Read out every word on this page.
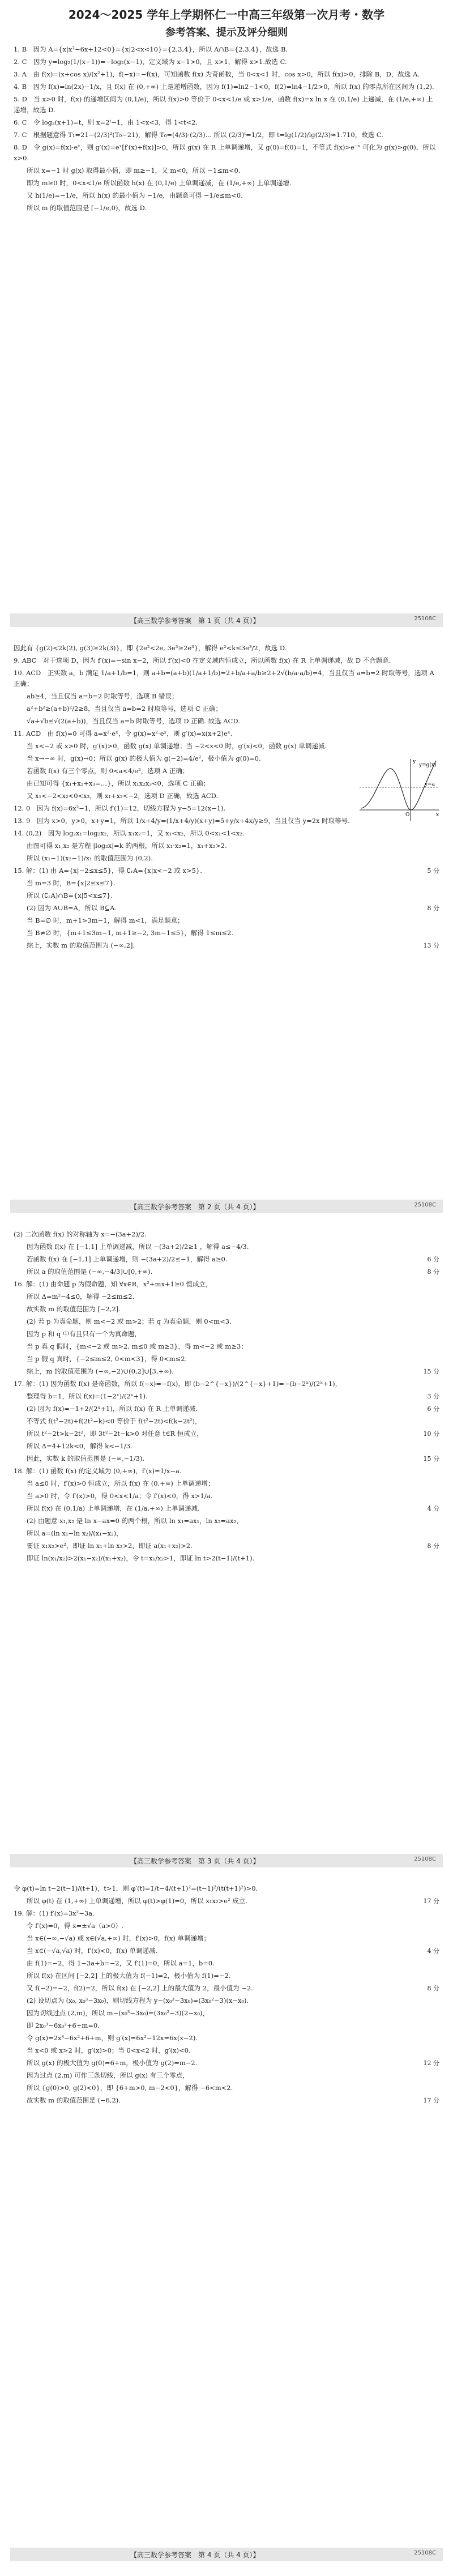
2024～2025 学年上学期怀仁一中高三年级第一次月考・数学
参考答案、提示及评分细则

1. B　因为 A={x|x²−6x+12<0}={x|2<x<10}={2,3,4}，所以 A∩B={2,3,4}，故选 B.

2. C　因为 y=log₂(1/(x−1))=−log₂(x−1)，定义域为 x−1>0，且 x>1，解得 x>1.故选 C.

3. A　由 f(x)=(x+cos x)/(x²+1)，f(−x)=−f(x)，可知函数 f(x) 为奇函数，当 0<x<1 时，cos x>0，所以 f(x)>0，排除 B，D，故选 A.

4. B　因为 f(x)=ln(2x)−1/x，且 f(x) 在 (0,+∞) 上是递增函数，因为 f(1)=ln2−1<0，f(2)=ln4−1/2>0，所以 f(x) 的零点所在区间为 (1,2).

5. D　当 x>0 时，f(x) 的递增区间为 (0,1/e)，所以 f(x)>0 等价于 0<x<1/e 或 x>1/e，函数 f(x)=x ln x 在 (0,1/e) 上递减，在 (1/e,+∞) 上递增，故选 D.

6. C　令 log₂(x+1)=t，则 x=2ᵗ−1，由 1<x<3，得 1<t<2.

7. C　根据题意得 T₁=21−(2/3)²(T₀−21)，解得 T₀=(4/3)·(2/3)... 所以 (2/3)ᵗ=1/2，即 t=lg(1/2)/lg(2/3)≈1.710，故选 C.

8. D　令 g(x)=f(x)·eˣ，则 g′(x)=eˣ[f′(x)+f(x)]>0，所以 g(x) 在 R 上单调递增，又 g(0)=f(0)=1，不等式 f(x)>e⁻ˣ 可化为 g(x)>g(0)，所以 x>0.

　　所以 x=−1 时 g(x) 取得最小值，即 m≥−1，又 m<0，所以 −1≤m<0.

　　即为 m≥0 时，0<x<1/e 所以函数 h(x) 在 (0,1/e) 上单调递减，在 (1/e,+∞) 上单调递增.

　　又 h(1/e)=−1/e，所以 h(x) 的最小值为 −1/e，由题意可得 −1/e≤m<0.

　　所以 m 的取值范围是 [−1/e,0)，故选 D.

【高三数学参考答案　第 1 页（共 4 页）】	25108C

因此有 {g(2)<2k(2), g(3)≥2k(3)}，即 {2e²<2e, 3e³≥2e³}，解得 e²<k≤3e³/2，故选 D.

9. ABC　对于选项 D，因为 f′(x)=−sin x−2，所以 f′(x)<0 在定义域内恒成立，所以函数 f(x) 在 R 上单调递减，故 D 不合题意.

10. ACD　正实数 a，b 满足 1/a+1/b=1，则 a+b=(a+b)(1/a+1/b)=2+b/a+a/b≥2+2√(b/a·a/b)=4，当且仅当 a=b=2 时取等号，选项 A 正确；

　　ab≥4，当且仅当 a=b=2 时取等号，选项 B 错误；

　　a²+b²≥(a+b)²/2≥8，当且仅当 a=b=2 时取等号，选项 C 正确；

　　√a+√b≤√(2(a+b))，当且仅当 a=b 时取等号，选项 D 正确. 故选 ACD.

11. ACD　由 f(x)=0 可得 a=x²·eˣ，令 g(x)=x²·eˣ，则 g′(x)=x(x+2)eˣ.

　　当 x<−2 或 x>0 时，g′(x)>0，函数 g(x) 单调递增；当 −2<x<0 时，g′(x)<0，函数 g(x) 单调递减.

　　当 x→−∞ 时，g(x)→0；所以 g(x) 的极大值为 g(−2)=4/e²，极小值为 g(0)=0.

　　若函数 f(x) 有三个零点，则 0<a<4/e²，选项 A 正确；

　　由已知可得 {x₁+x₂+x₃=…}，所以 x₁x₂x₃<0，选项 C 正确；

　　又 x₁<−2<x₂<0<x₃，则 x₁+x₂<−2，选项 D 正确，故选 ACD.

12. 0　因为 f(x)=6x²−1，所以 f′(1)=12，切线方程为 y−5=12(x−1).

13. 9　因为 x>0，y>0，x+y=1，所以 1/x+4/y=(1/x+4/y)(x+y)=5+y/x+4x/y≥9，当且仅当 y=2x 时取等号.

14. (0,2)　因为 log₂x₁=log₂x₂，所以 x₁x₂=1，又 x₁<x₂，所以 0<x₁<1<x₂.

　　由图可得 x₁,x₂ 是方程 |log₂x|=k 的两根，所以 x₁·x₂=1，x₁+x₂>2.

　　所以 (x₁−1)(x₂−1)/x₁ 的取值范围为 (0,2).

15. 解：(1) 由 A={x|−2≤x≤5}，得 ∁ᵣA={x|x<−2 或 x>5}.	5 分

　　当 m=3 时，B={x|2≤x≤7}.

　　所以 (∁ᵣA)∩B={x|5<x≤7}.

　　(2) 因为 A∪B=A，所以 B⊆A.	8 分

　　当 B=∅ 时，m+1>3m−1，解得 m<1，满足题意；

　　当 B≠∅ 时，{m+1≤3m−1, m+1≥−2, 3m−1≤5}，解得 1≤m≤2.

　　综上，实数 m 的取值范围为 (−∞,2].	13 分

y=g(x)
y=a
O	x
y
【高三数学参考答案　第 2 页（共 4 页）】	25108C

(2) 二次函数 f(x) 的对称轴为 x=−(3a+2)/2.

　　因为函数 f(x) 在 [−1,1] 上单调递减，所以 −(3a+2)/2≥1 ，解得 a≤−4/3.

　　若函数 f(x) 在 [−1,1] 上单调递增，则 −(3a+2)/2≤−1，解得 a≥0.	6 分

　　所以 a 的取值范围是 (−∞,−4/3]∪[0,+∞).	8 分

16. 解：(1) 由命题 p 为假命题，知 ∀x∈R，x²+mx+1≥0 恒成立，

　　所以 Δ=m²−4≤0，解得 −2≤m≤2.

　　故实数 m 的取值范围为 [−2,2].

　　(2) 若 p 为真命题，则 m<−2 或 m>2；若 q 为真命题，则 0<m<3.

　　因为 p 和 q 中有且只有一个为真命题，

　　当 p 真 q 假时，{m<−2 或 m>2, m≤0 或 m≥3}，得 m<−2 或 m≥3；

　　当 p 假 q 真时，{−2≤m≤2, 0<m<3}，得 0<m≤2.

　　综上，m 的取值范围为 (−∞,−2)∪(0,2]∪[3,+∞).	15 分

17. 解：(1) 因为函数 f(x) 是奇函数，所以 f(−x)=−f(x)，即 (b−2^{−x})/(2^{−x}+1)=−(b−2ˣ)/(2ˣ+1)，

　　整理得 b=1，所以 f(x)=(1−2ˣ)/(2ˣ+1).	3 分

　　(2) 因为 f(x)=−1+2/(2ˣ+1)，所以 f(x) 在 R 上单调递减.	6 分

　　不等式 f(t²−2t)+f(2t²−k)<0 等价于 f(t²−2t)<f(k−2t²)，

　　所以 t²−2t>k−2t²，即 3t²−2t−k>0 对任意 t∈R 恒成立，	10 分

　　所以 Δ=4+12k<0，解得 k<−1/3.

　　因此，实数 k 的取值范围是 (−∞,−1/3).	15 分

18. 解：(1) 函数 f(x) 的定义域为 (0,+∞)，f′(x)=1/x−a.

　　当 a≤0 时，f′(x)>0 恒成立，所以 f(x) 在 (0,+∞) 上单调递增；

　　当 a>0 时，令 f′(x)>0，得 0<x<1/a；令 f′(x)<0，得 x>1/a.

　　所以 f(x) 在 (0,1/a) 上单调递增，在 (1/a,+∞) 上单调递减.	4 分

　　(2) 由题意 x₁,x₂ 是 ln x−ax=0 的两个根，所以 ln x₁=ax₁，ln x₂=ax₂，

　　所以 a=(ln x₁−ln x₂)/(x₁−x₂)，

　　要证 x₁x₂>e²，即证 ln x₁+ln x₂>2，即证 a(x₁+x₂)>2.	8 分

　　即证 ln(x₁/x₂)>2(x₁−x₂)/(x₁+x₂)，令 t=x₁/x₂>1，即证 ln t>2(t−1)/(t+1).

【高三数学参考答案　第 3 页（共 4 页）】	25108C

令 φ(t)=ln t−2(t−1)/(t+1)，t>1，则 φ′(t)=1/t−4/(t+1)²=(t−1)²/(t(t+1)²)>0.

　　所以 φ(t) 在 (1,+∞) 上单调递增，所以 φ(t)>φ(1)=0，所以 x₁x₂>e² 成立.	17 分

19. 解：(1) f′(x)=3x²−3a.

　　令 f′(x)=0，得 x=±√a（a>0）.

　　当 x∈(−∞,−√a) 或 x∈(√a,+∞) 时，f′(x)>0，f(x) 单调递增；

　　当 x∈(−√a,√a) 时，f′(x)<0，f(x) 单调递减.	4 分

　　由 f(1)=−2，得 1−3a+b=−2，又 f′(1)=0，所以 a=1，b=0.

　　所以 f(x) 在区间 [−2,2] 上的极大值为 f(−1)=2，极小值为 f(1)=−2.

　　又 f(−2)=−2，f(2)=2，所以 f(x) 在 [−2,2] 上的最大值为 2，最小值为 −2.	8 分

　　(2) 设切点为 (x₀, x₀³−3x₀)，则切线方程为 y−(x₀³−3x₀)=(3x₀²−3)(x−x₀).

　　因为切线过点 (2,m)，所以 m−(x₀³−3x₀)=(3x₀²−3)(2−x₀)，

　　即 2x₀³−6x₀²+6+m=0.

　　令 g(x)=2x³−6x²+6+m，则 g′(x)=6x²−12x=6x(x−2).

　　当 x<0 或 x>2 时，g′(x)>0；当 0<x<2 时，g′(x)<0.

　　所以 g(x) 的极大值为 g(0)=6+m，极小值为 g(2)=m−2.	12 分

　　因为过点 (2,m) 可作三条切线，所以 g(x) 有三个零点，

　　所以 {g(0)>0, g(2)<0}，即 {6+m>0, m−2<0}，解得 −6<m<2.

　　故实数 m 的取值范围是 (−6,2).	17 分

【高三数学参考答案　第 4 页（共 4 页）】	25108C
